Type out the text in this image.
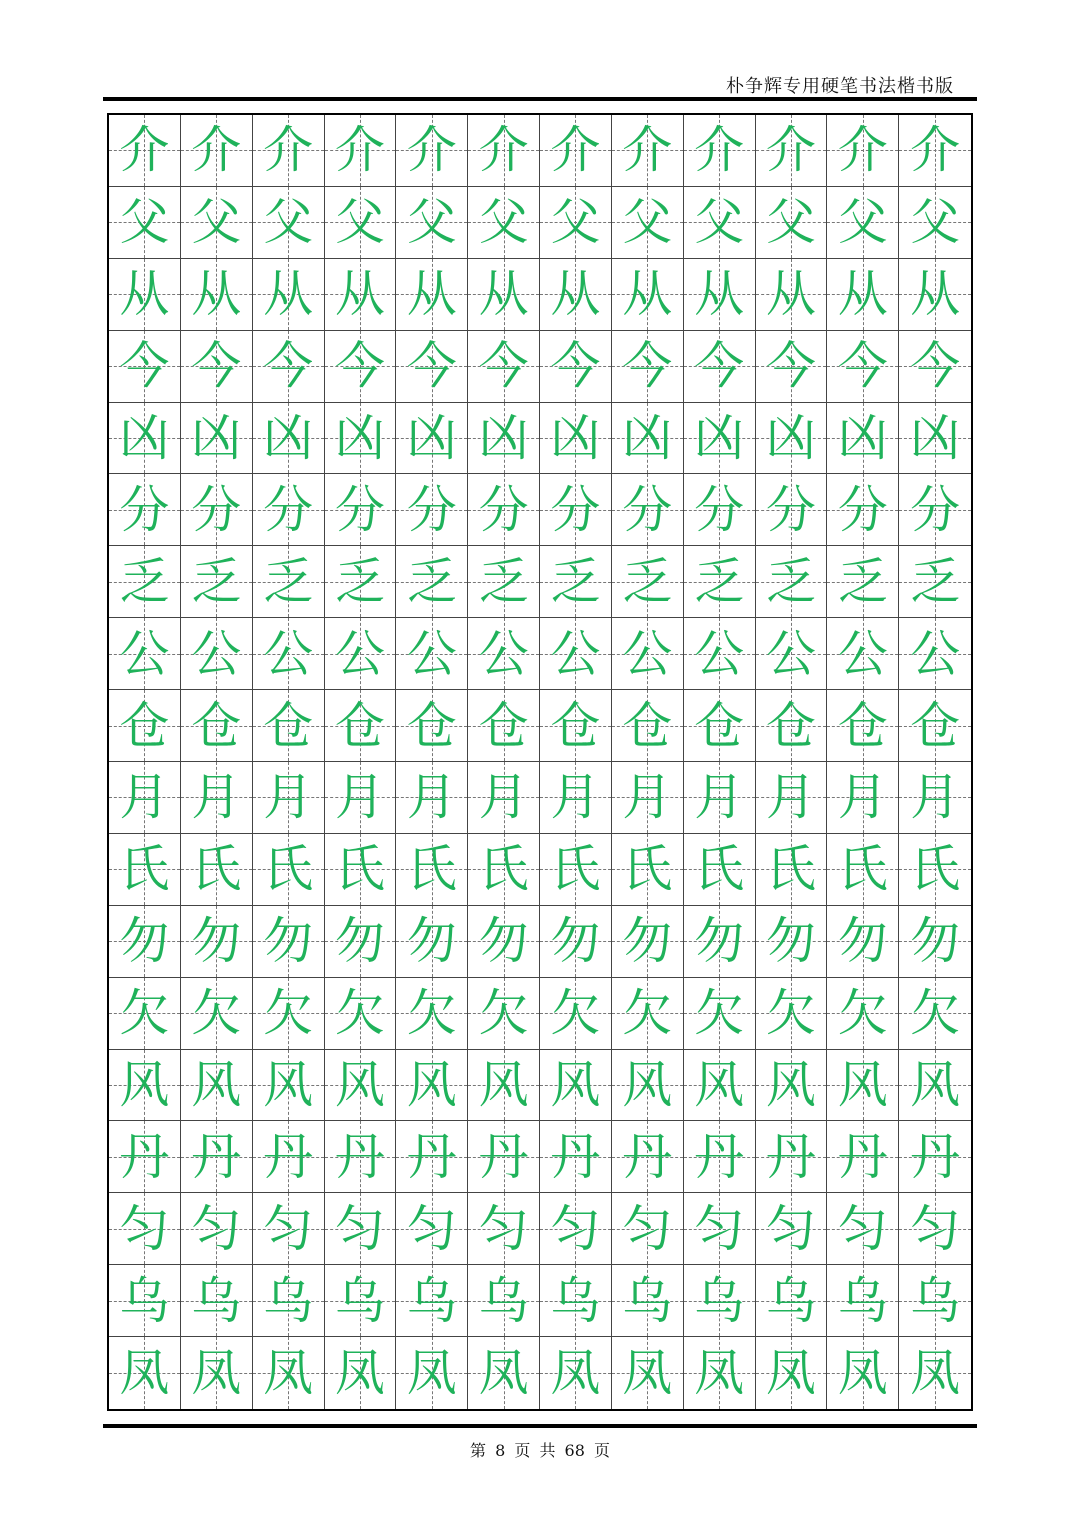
朴争辉专用硬笔书法楷书版
介 介 介 介 介 介 介 介 介 介 介 介
父 父 父 父 父 父 父 父 父 父 父 父
从 从 从 从 从 从 从 从 从 从 从 从
今 今 今 今 今 今 今 今 今 今 今 今
凶 凶 凶 凶 凶 凶 凶 凶 凶 凶 凶 凶
分 分 分 分 分 分 分 分 分 分 分 分
乏 乏 乏 乏 乏 乏 乏 乏 乏 乏 乏 乏
公 公 公 公 公 公 公 公 公 公 公 公
仓 仓 仓 仓 仓 仓 仓 仓 仓 仓 仓 仓
月 月 月 月 月 月 月 月 月 月 月 月
氏 氏 氏 氏 氏 氏 氏 氏 氏 氏 氏 氏
勿 勿 勿 勿 勿 勿 勿 勿 勿 勿 勿 勿
欠 欠 欠 欠 欠 欠 欠 欠 欠 欠 欠 欠
风 风 风 风 风 风 风 风 风 风 风 风
丹 丹 丹 丹 丹 丹 丹 丹 丹 丹 丹 丹
匀 匀 匀 匀 匀 匀 匀 匀 匀 匀 匀 匀
乌 乌 乌 乌 乌 乌 乌 乌 乌 乌 乌 乌
凤 凤 凤 凤 凤 凤 凤 凤 凤 凤 凤 凤
第 8 页 共 68 页
